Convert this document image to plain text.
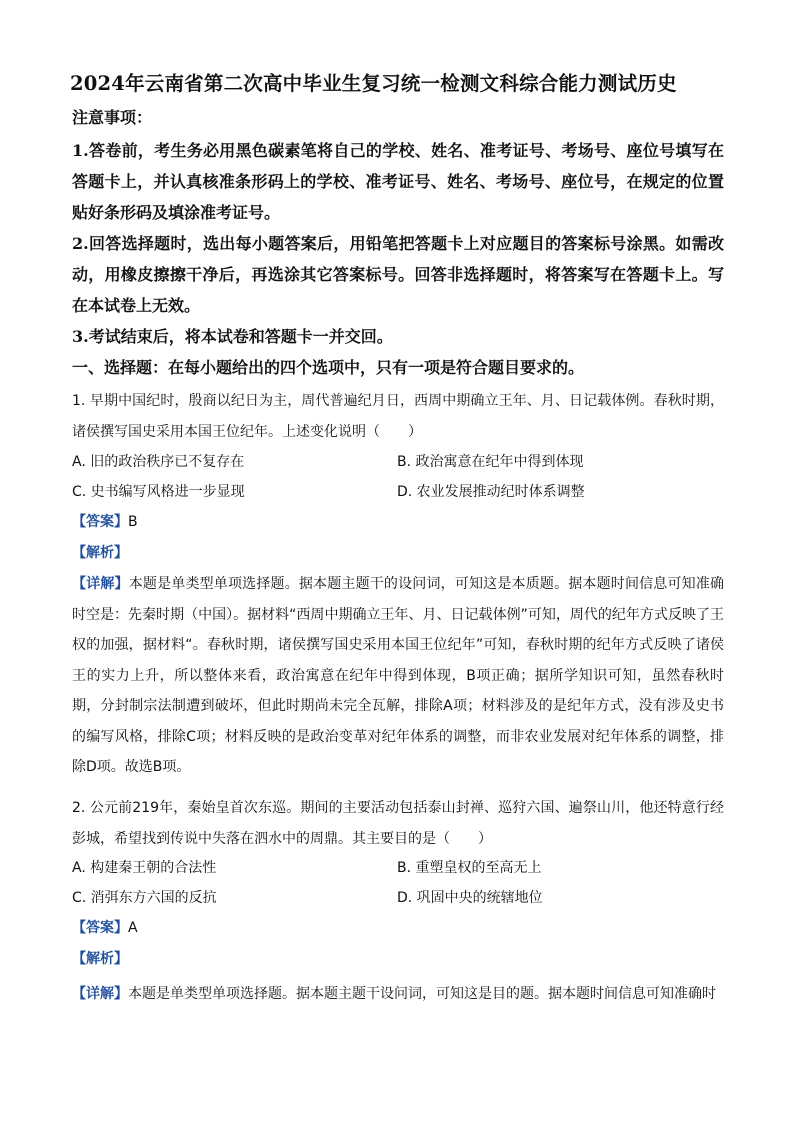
2024年云南省第二次高中毕业生复习统一检测文科综合能力测试历史
注意事项：
1.答卷前，考生务必用黑色碳素笔将自己的学校、姓名、准考证号、考场号、座位号填写在答题卡上，并认真核准条形码上的学校、准考证号、姓名、考场号、座位号，在规定的位置贴好条形码及填涂准考证号。
2.回答选择题时，选出每小题答案后，用铅笔把答题卡上对应题目的答案标号涂黑。如需改动，用橡皮擦擦干净后，再选涂其它答案标号。回答非选择题时，将答案写在答题卡上。写在本试卷上无效。
3.考试结束后，将本试卷和答题卡一并交回。
一、选择题：在每小题给出的四个选项中，只有一项是符合题目要求的。
1. 早期中国纪时，殷商以纪日为主，周代普遍纪月日，西周中期确立王年、月、日记载体例。春秋时期，诸侯撰写国史采用本国王位纪年。上述变化说明（　　）
A. 旧的政治秩序已不复存在	B. 政治寓意在纪年中得到体现
C. 史书编写风格进一步显现	D. 农业发展推动纪时体系调整
【答案】B
【解析】
【详解】本题是单类型单项选择题。据本题主题干的设问词，可知这是本质题。据本题时间信息可知准确时空是：先秦时期（中国）。据材料“西周中期确立王年、月、日记载体例”可知，周代的纪年方式反映了王权的加强，据材料“。春秋时期，诸侯撰写国史采用本国王位纪年”可知，春秋时期的纪年方式反映了诸侯王的实力上升，所以整体来看，政治寓意在纪年中得到体现，B项正确；据所学知识可知，虽然春秋时期，分封制宗法制遭到破坏，但此时期尚未完全瓦解，排除A项；材料涉及的是纪年方式，没有涉及史书的编写风格，排除C项；材料反映的是政治变革对纪年体系的调整，而非农业发展对纪年体系的调整，排除D项。故选B项。
2. 公元前219年，秦始皇首次东巡。期间的主要活动包括泰山封禅、巡狩六国、遍祭山川，他还特意行经彭城，希望找到传说中失落在泗水中的周鼎。其主要目的是（　　）
A. 构建秦王朝的合法性	B. 重塑皇权的至高无上
C. 消弭东方六国的反抗	D. 巩固中央的统辖地位
【答案】A
【解析】
【详解】本题是单类型单项选择题。据本题主题干设问词，可知这是目的题。据本题时间信息可知准确时
